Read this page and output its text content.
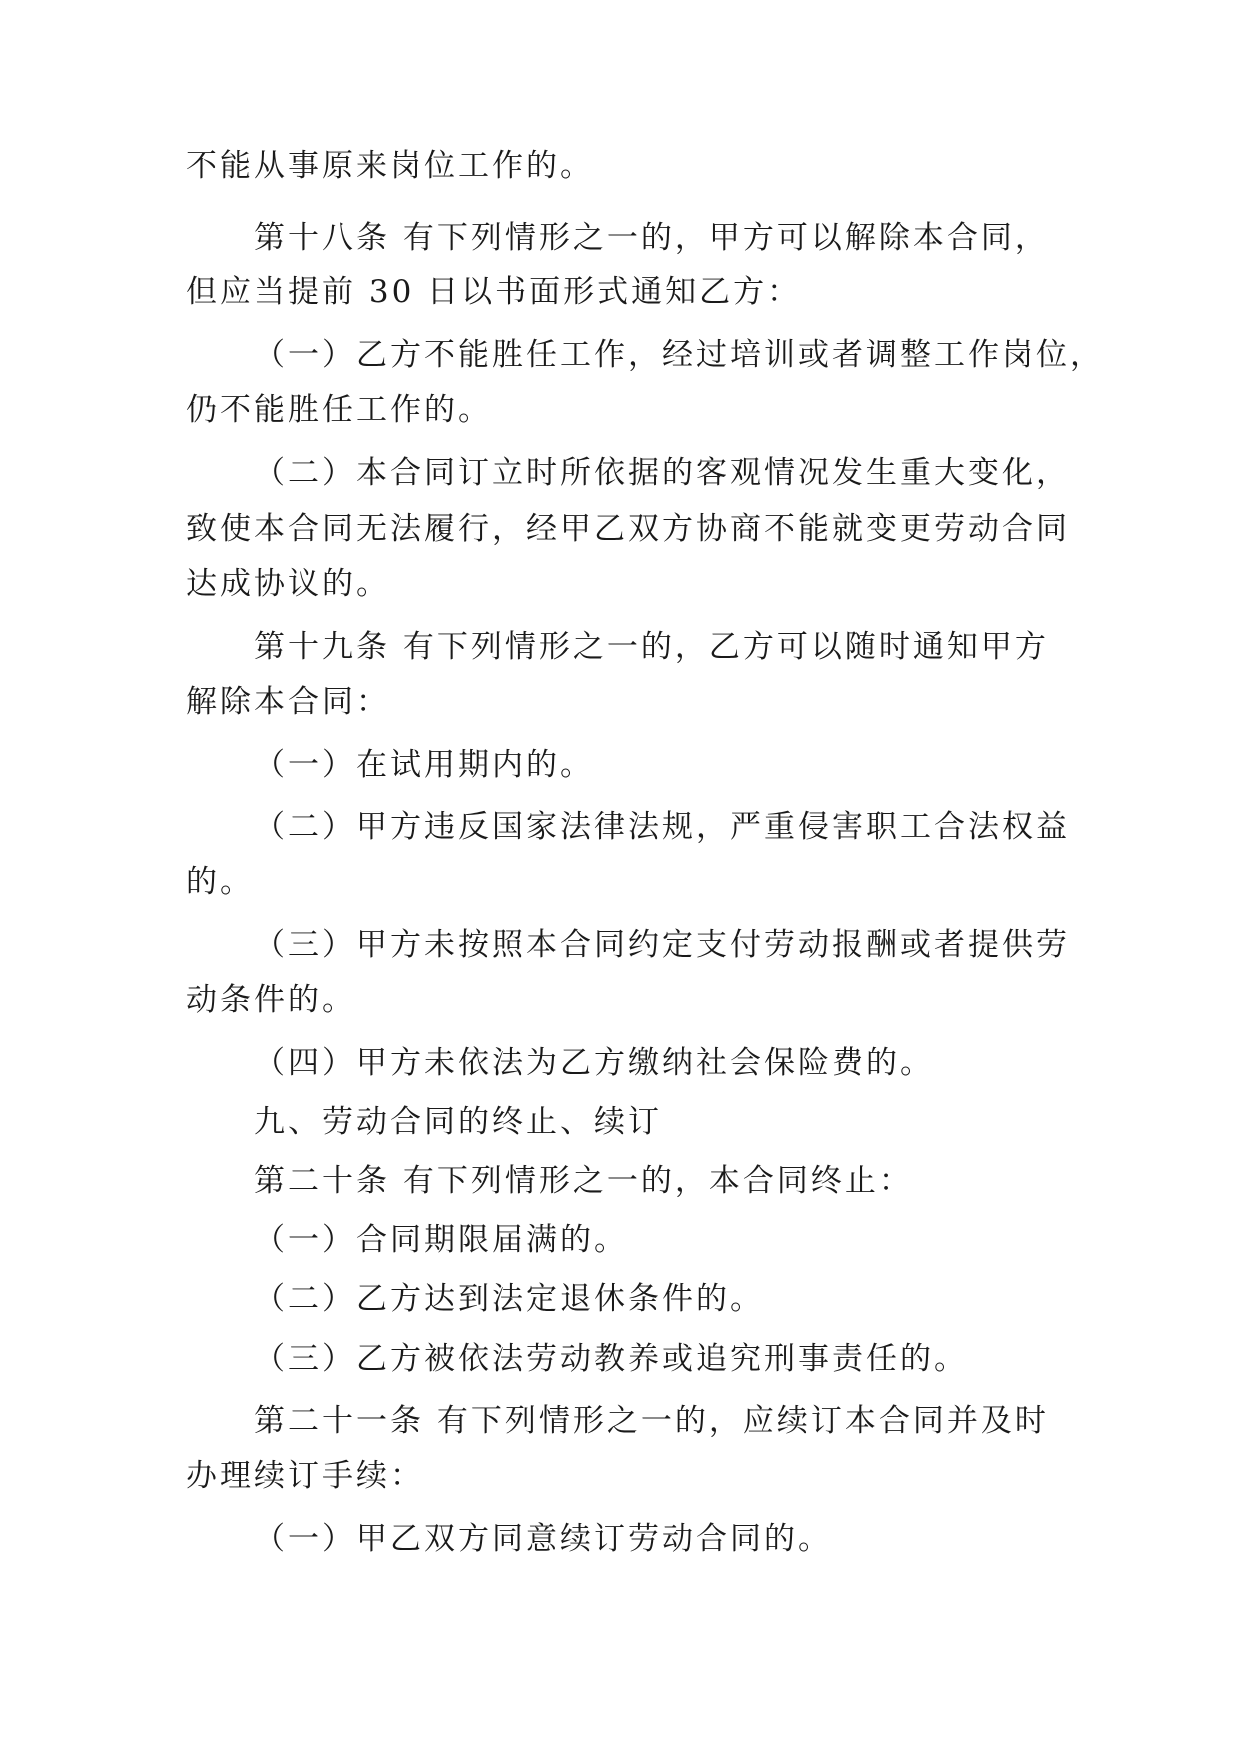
不能从事原来岗位工作的。
第十八条 有下列情形之一的，甲方可以解除本合同，
但应当提前 30 日以书面形式通知乙方：
（一）乙方不能胜任工作，经过培训或者调整工作岗位，
仍不能胜任工作的。
（二）本合同订立时所依据的客观情况发生重大变化，
致使本合同无法履行，经甲乙双方协商不能就变更劳动合同
达成协议的。
第十九条 有下列情形之一的，乙方可以随时通知甲方
解除本合同：
（一）在试用期内的。
（二）甲方违反国家法律法规，严重侵害职工合法权益
的。
（三）甲方未按照本合同约定支付劳动报酬或者提供劳
动条件的。
（四）甲方未依法为乙方缴纳社会保险费的。
九、劳动合同的终止、续订
第二十条 有下列情形之一的，本合同终止：
（一）合同期限届满的。
（二）乙方达到法定退休条件的。
（三）乙方被依法劳动教养或追究刑事责任的。
第二十一条 有下列情形之一的，应续订本合同并及时
办理续订手续：
（一）甲乙双方同意续订劳动合同的。
